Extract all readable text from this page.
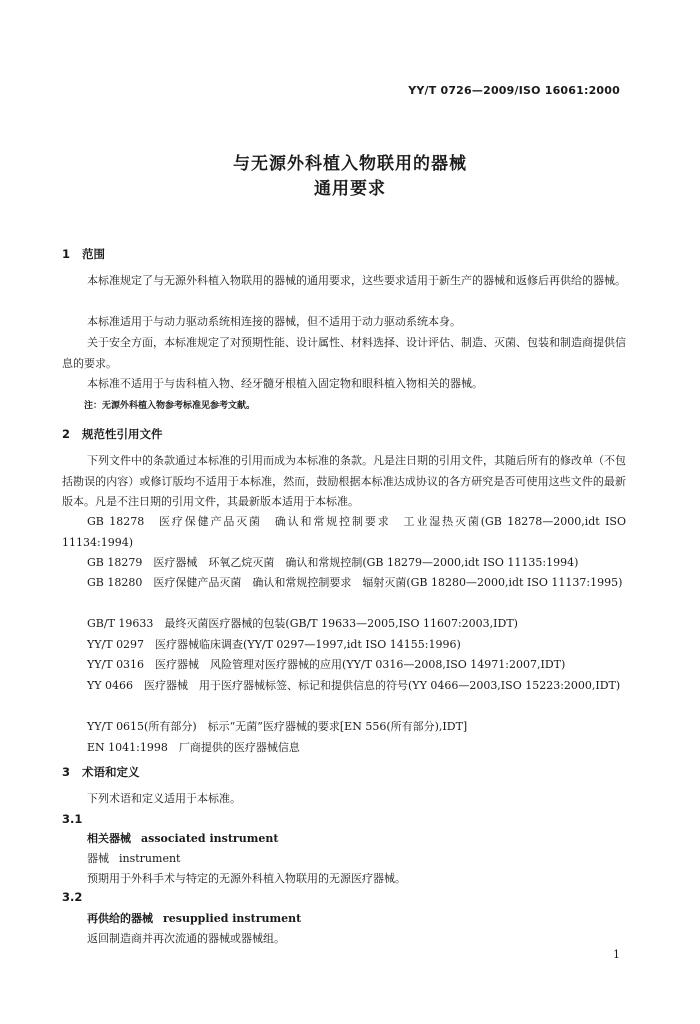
YY/T 0726—2009/ISO 16061:2000
与无源外科植入物联用的器械
通用要求
1 范围
本标准规定了与无源外科植入物联用的器械的通用要求，这些要求适用于新生产的器械和返修后再供给的器械。
本标准适用于与动力驱动系统相连接的器械，但不适用于动力驱动系统本身。
关于安全方面，本标准规定了对预期性能、设计属性、材料选择、设计评估、制造、灭菌、包装和制造商提供信息的要求。
本标准不适用于与齿科植入物、经牙髓牙根植入固定物和眼科植入物相关的器械。
注：无源外科植入物参考标准见参考文献。
2 规范性引用文件
下列文件中的条款通过本标准的引用而成为本标准的条款。凡是注日期的引用文件，其随后所有的修改单（不包括勘误的内容）或修订版均不适用于本标准，然而，鼓励根据本标准达成协议的各方研究是否可使用这些文件的最新版本。凡是不注日期的引用文件，其最新版本适用于本标准。
GB 18278　医疗保健产品灭菌　确认和常规控制要求　工业湿热灭菌(GB 18278—2000,idt ISO 11134:1994)
GB 18279　医疗器械　环氧乙烷灭菌　确认和常规控制(GB 18279—2000,idt ISO 11135:1994)
GB 18280　医疗保健产品灭菌　确认和常规控制要求　辐射灭菌(GB 18280—2000,idt ISO 11137:1995)
GB/T 19633　最终灭菌医疗器械的包装(GB/T 19633—2005,ISO 11607:2003,IDT)
YY/T 0297　医疗器械临床调查(YY/T 0297—1997,idt ISO 14155:1996)
YY/T 0316　医疗器械　风险管理对医疗器械的应用(YY/T 0316—2008,ISO 14971:2007,IDT)
YY 0466　医疗器械　用于医疗器械标签、标记和提供信息的符号(YY 0466—2003,ISO 15223:2000,IDT)
YY/T 0615(所有部分)　标示“无菌”医疗器械的要求[EN 556(所有部分),IDT]
EN 1041:1998　厂商提供的医疗器械信息
3 术语和定义
下列术语和定义适用于本标准。
3.1
相关器械 associated instrument
器械 instrument
预期用于外科手术与特定的无源外科植入物联用的无源医疗器械。
3.2
再供给的器械 resupplied instrument
返回制造商并再次流通的器械或器械组。
1
